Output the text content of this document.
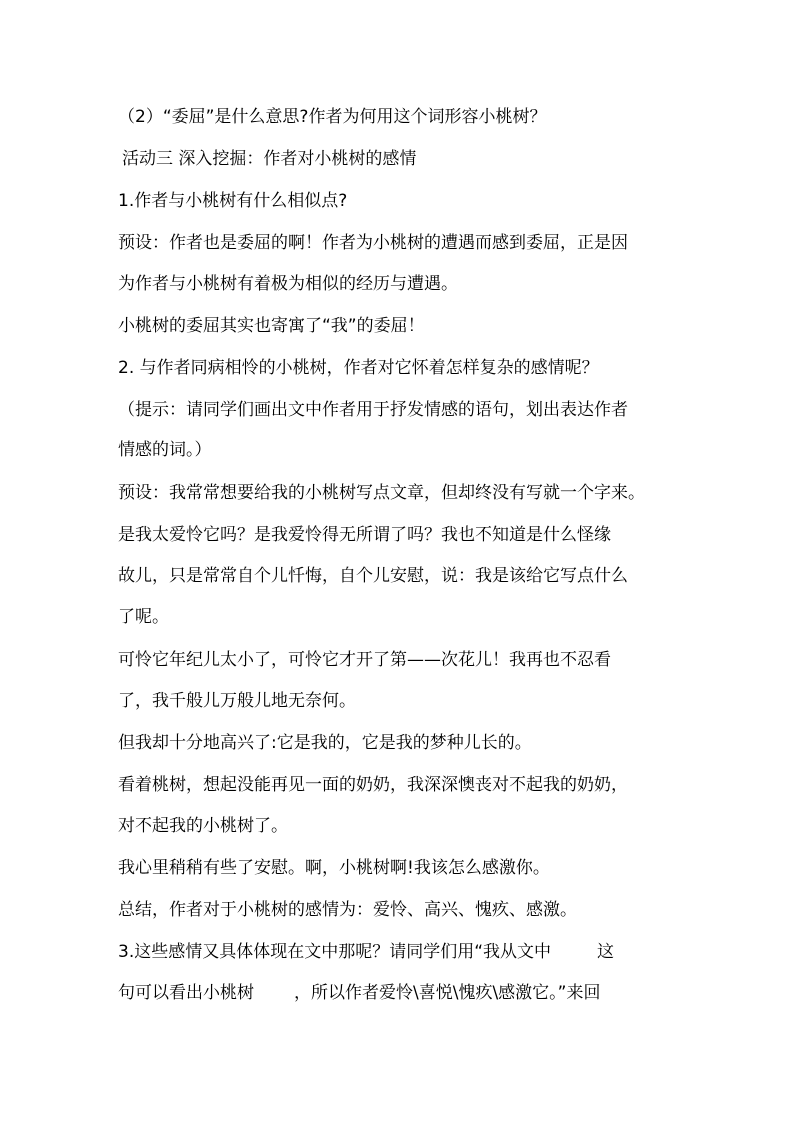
（2）“委屈”是什么意思?作者为何用这个词形容小桃树？
活动三 深入挖掘：作者对小桃树的感情
1.作者与小桃树有什么相似点?
预设：作者也是委屈的啊！作者为小桃树的遭遇而感到委屈，正是因
为作者与小桃树有着极为相似的经历与遭遇。
小桃树的委屈其实也寄寓了“我”的委屈！
2. 与作者同病相怜的小桃树，作者对它怀着怎样复杂的感情呢？
（提示：请同学们画出文中作者用于抒发情感的语句，划出表达作者
情感的词。）
预设：我常常想要给我的小桃树写点文章，但却终没有写就一个字来。
是我太爱怜它吗？是我爱怜得无所谓了吗？我也不知道是什么怪缘
故儿，只是常常自个儿忏悔，自个儿安慰，说：我是该给它写点什么
了呢。
可怜它年纪儿太小了，可怜它才开了第——次花儿！我再也不忍看
了，我千般儿万般儿地无奈何。
但我却十分地高兴了:它是我的，它是我的梦种儿长的。
看着桃树，想起没能再见一面的奶奶，我深深懊丧对不起我的奶奶，
对不起我的小桃树了。
我心里稍稍有些了安慰。啊，小桃树啊!我该怎么感激你。
总结，作者对于小桃树的感情为：爱怜、高兴、愧疚、感激。
3.这些感情又具体体现在文中那呢？请同学们用“我从文中	这
句可以看出小桃树 ，所以作者爱怜\喜悦\愧疚\感激它。”来回
